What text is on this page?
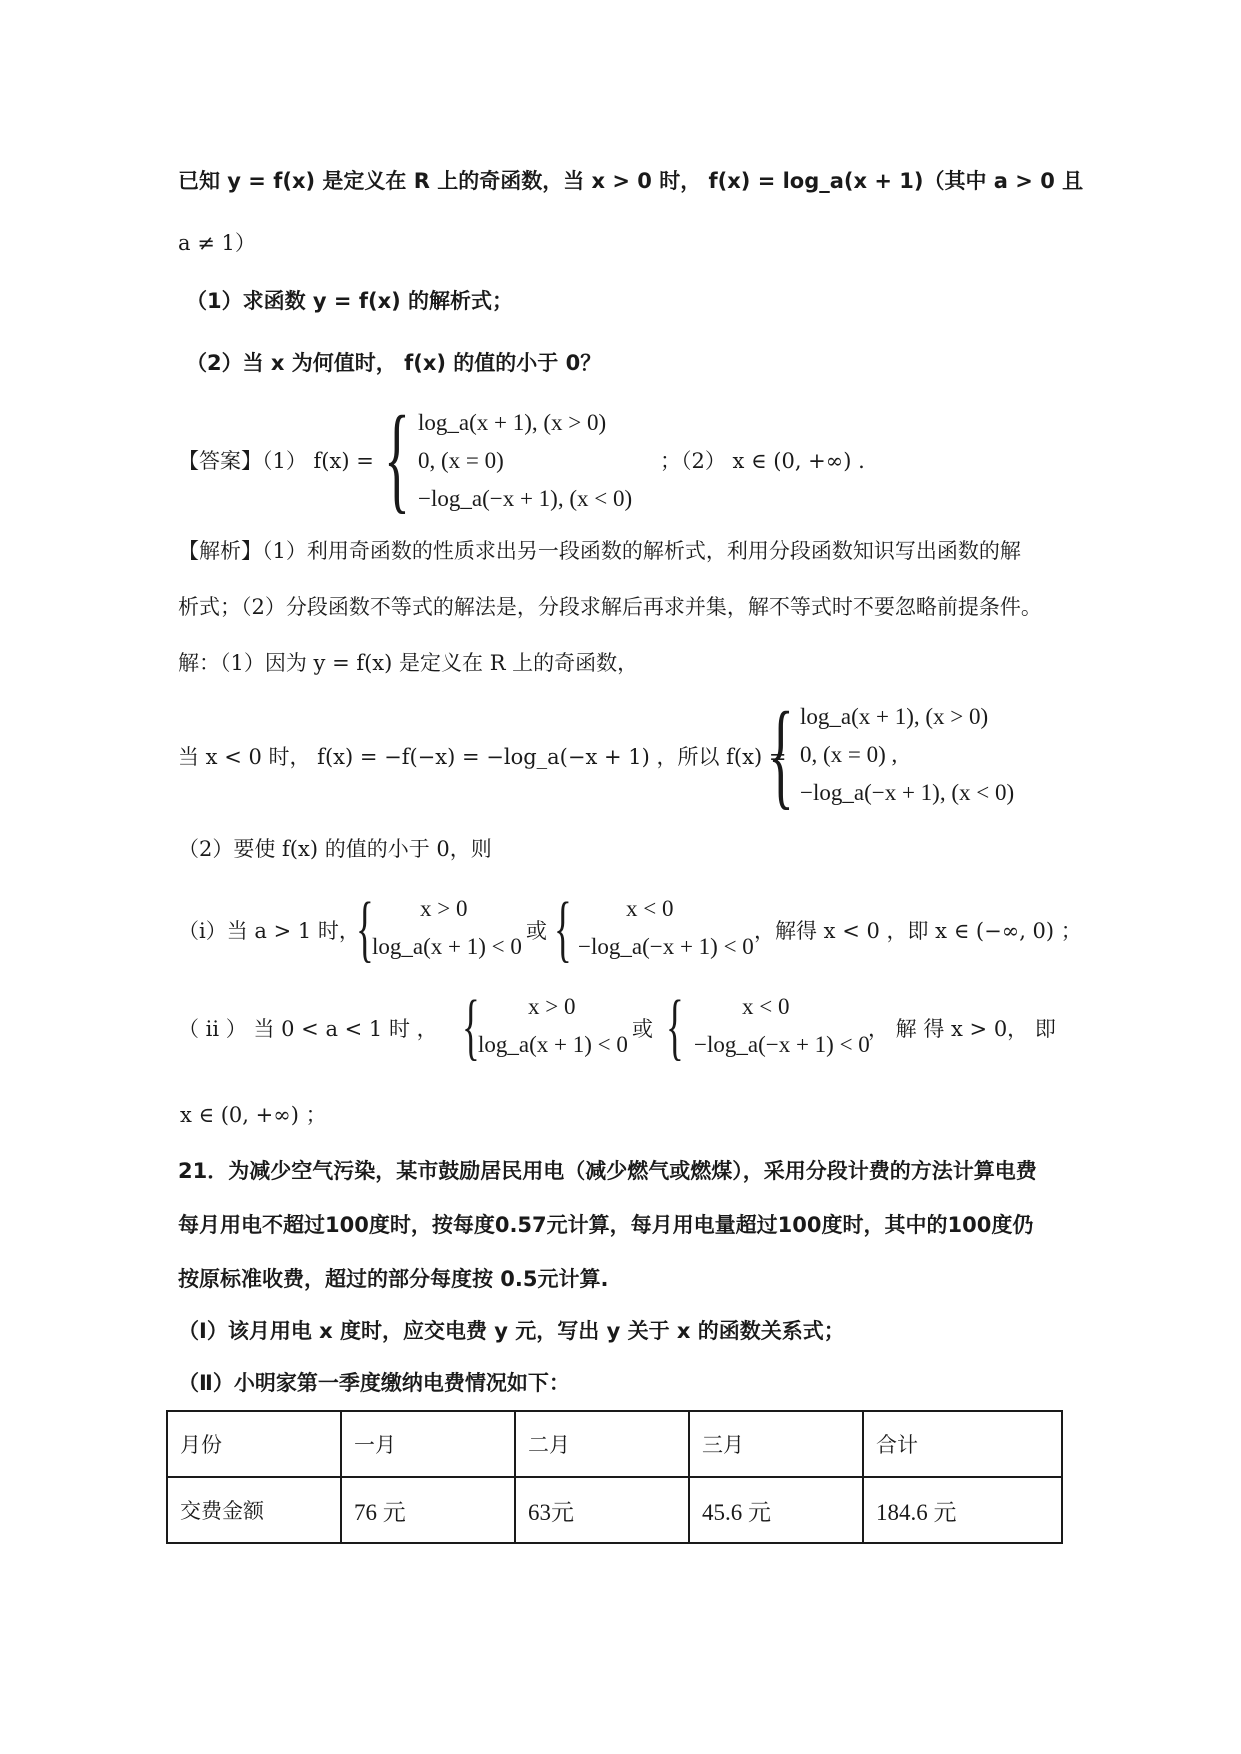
已知 y = f(x) 是定义在 R 上的奇函数，当 x > 0 时， f(x) = log_a(x + 1)（其中 a > 0 且
a ≠ 1）
（1）求函数 y = f(x) 的解析式；
（2）当 x 为何值时， f(x) 的值的小于 0？
【答案】（1） f(x) = { log_a(x + 1), (x > 0)
0, (x = 0)
−log_a(−x + 1), (x < 0)
；（2） x ∈ (0, +∞) .
【解析】（1）利用奇函数的性质求出另一段函数的解析式，利用分段函数知识写出函数的解
析式；（2）分段函数不等式的解法是，分段求解后再求并集，解不等式时不要忽略前提条件。
解：（1）因为 y = f(x) 是定义在 R 上的奇函数，
当 x < 0 时， f(x) = −f(−x) = −log_a(−x + 1) ，所以 f(x) =
{ log_a(x + 1), (x > 0)
0, (x = 0) ,
−log_a(−x + 1), (x < 0)
（2）要使 f(x) 的值的小于 0，则
（i）当 a > 1 时，
{ x > 0
log_a(x + 1) < 0
或 { x < 0
−log_a(−x + 1) < 0
，解得 x < 0 ，即 x ∈ (−∞, 0) ；
（ ii ） 当 0 < a < 1 时 ， { x > 0
log_a(x + 1) < 0
或 {	x < 0
−log_a(−x + 1) < 0
， 解 得 x > 0， 即
x ∈ (0, +∞) ；
21．为减少空气污染，某市鼓励居民用电（减少燃气或燃煤），采用分段计费的方法计算电费
每月用电不超过100度时，按每度0.57元计算，每月用电量超过100度时，其中的100度仍
按原标准收费，超过的部分每度按 0.5元计算.
（Ⅰ）该月用电 x 度时，应交电费 y 元，写出 y 关于 x 的函数关系式；
（Ⅱ）小明家第一季度缴纳电费情况如下：
月份	一月	二月	三月	合计
交费金额	76 元	63元	45.6 元	184.6 元
